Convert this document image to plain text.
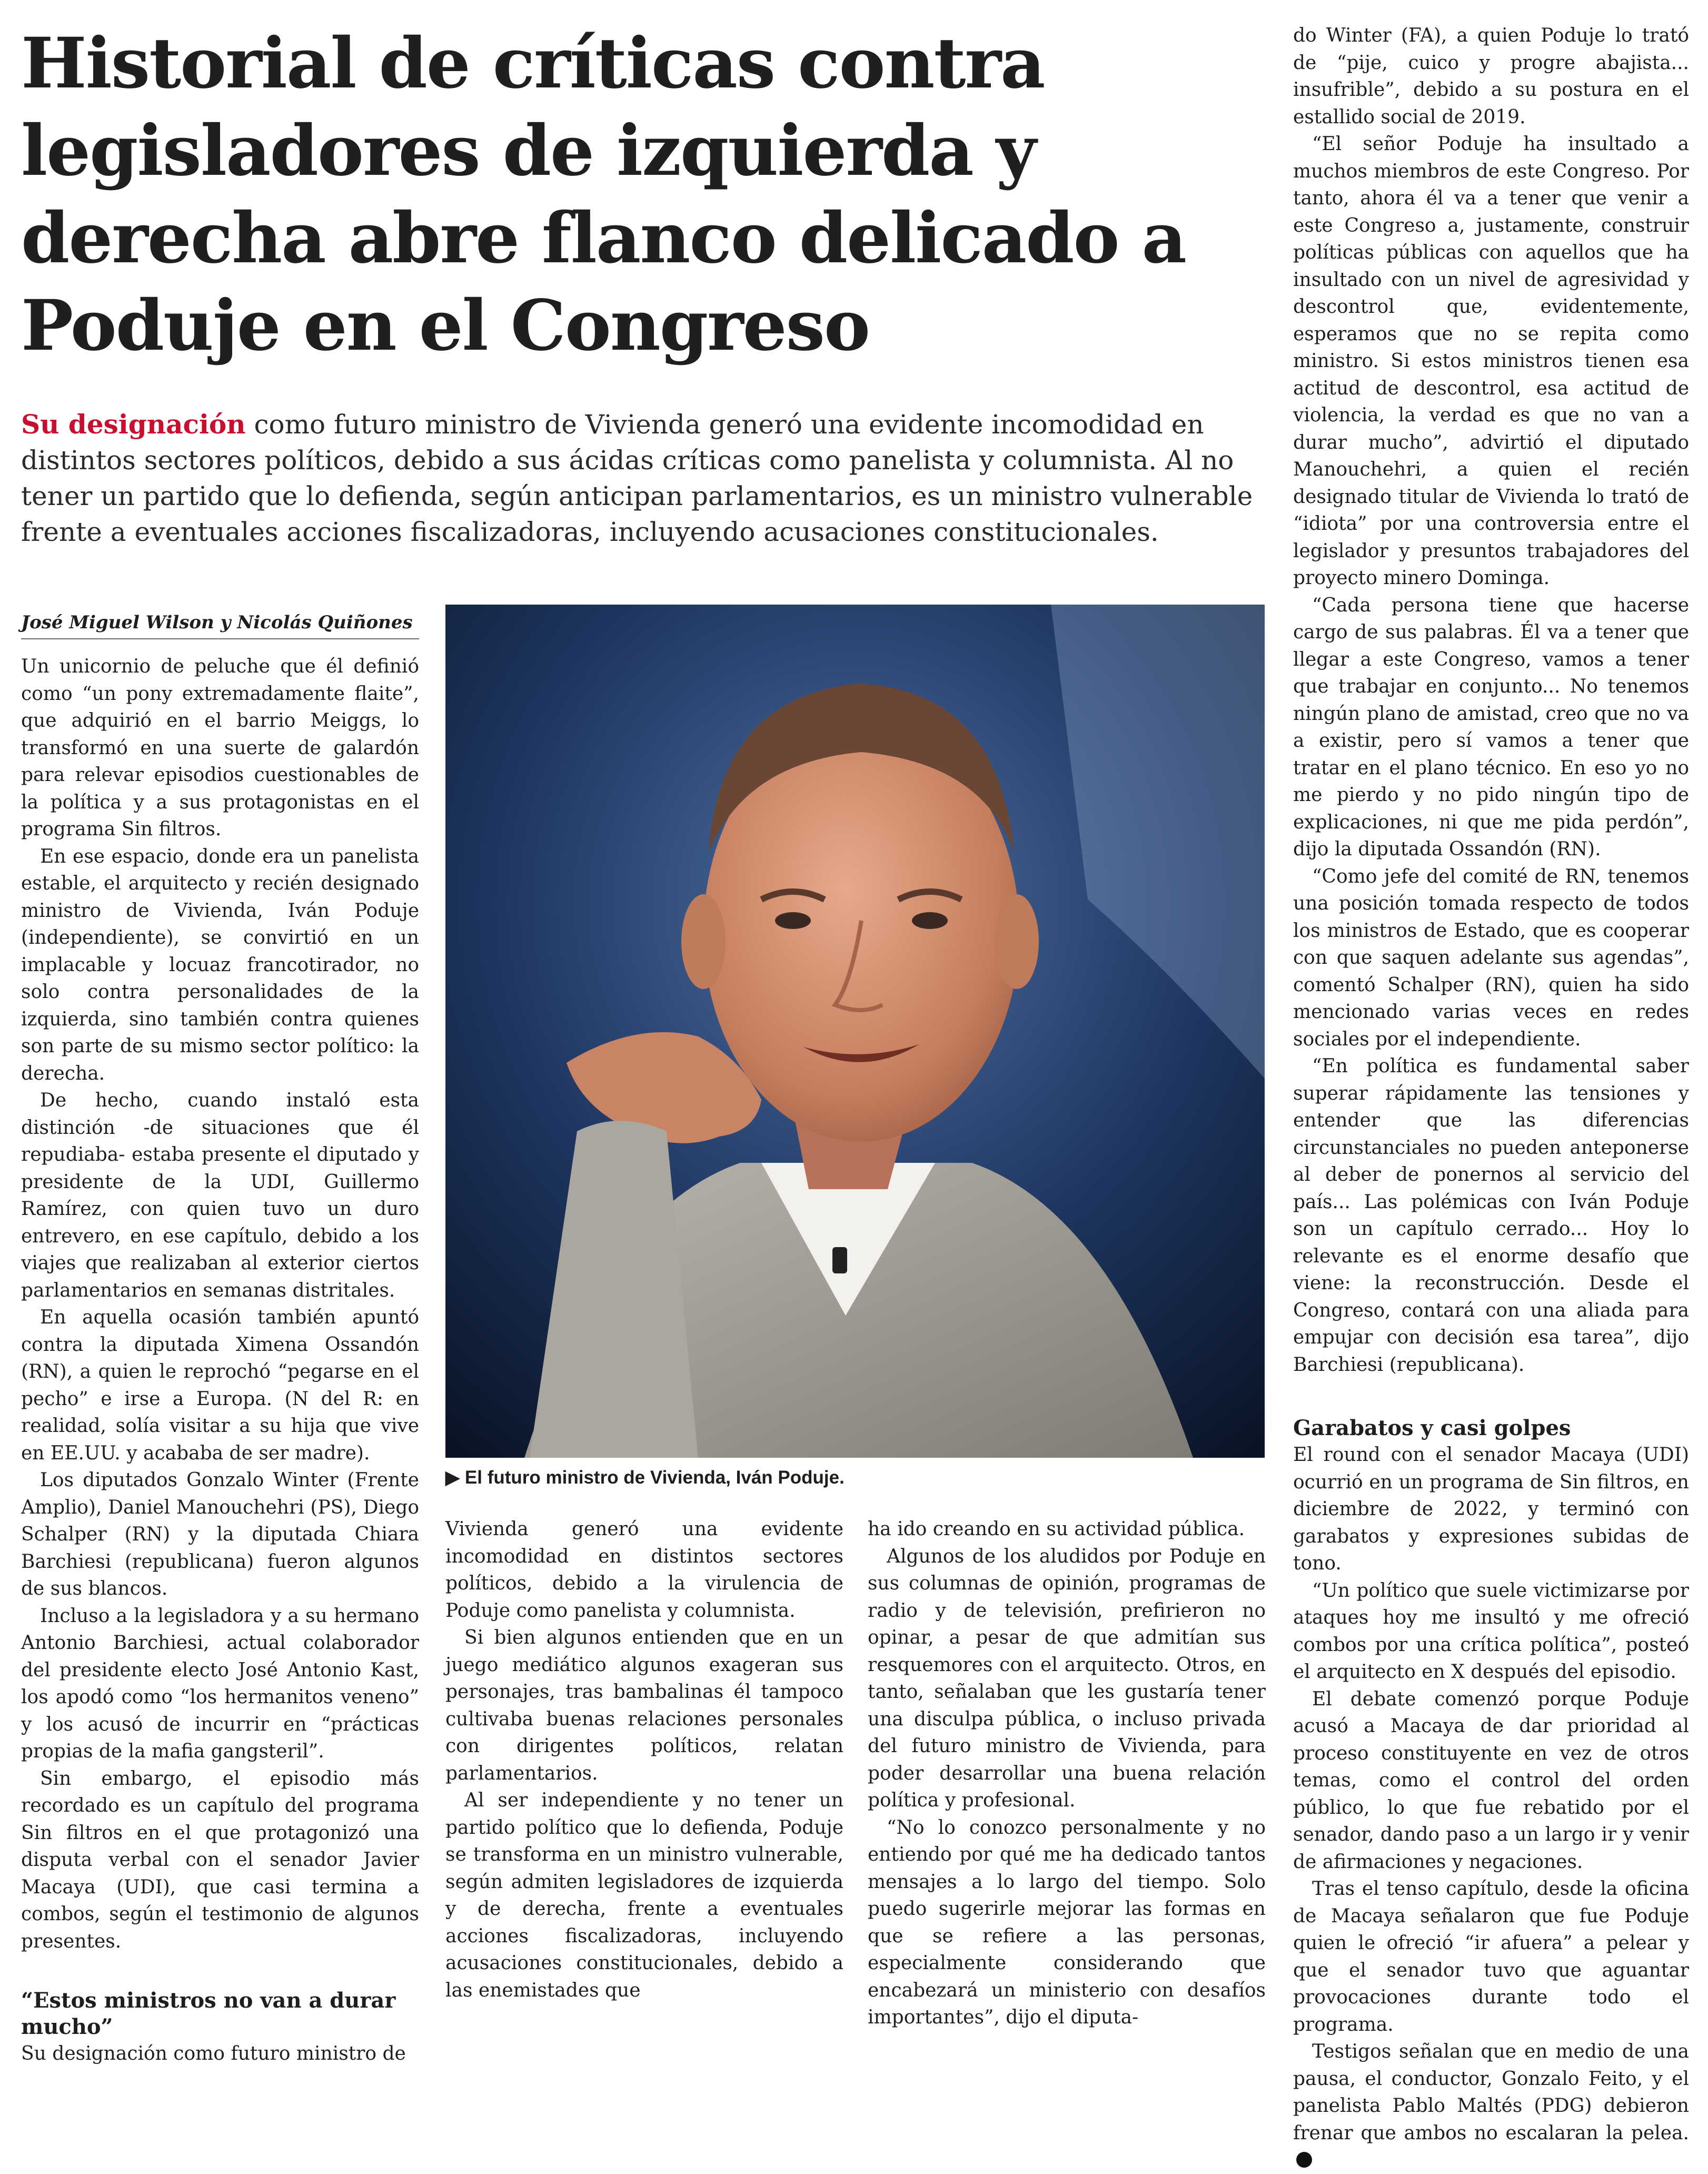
Historial de críticas contra legisladores de izquierda y derecha abre flanco delicado a Poduje en el Congreso

Su designación como futuro ministro de Vivienda generó una evidente incomodidad en distintos sectores políticos, debido a sus ácidas críticas como panelista y columnista. Al no tener un partido que lo defienda, según anticipan parlamentarios, es un ministro vulnerable frente a eventuales acciones fiscalizadoras, incluyendo acusaciones constitucionales.

José Miguel Wilson y Nicolás Quiñones

Un unicornio de peluche que él definió como “un pony extremadamente flaite”, que adquirió en el barrio Meiggs, lo transformó en una suerte de galardón para relevar episodios cuestionables de la política y a sus protagonistas en el programa Sin filtros.

En ese espacio, donde era un panelista estable, el arquitecto y recién designado ministro de Vivienda, Iván Poduje (independiente), se convirtió en un implacable y locuaz francotirador, no solo contra personalidades de la izquierda, sino también contra quienes son parte de su mismo sector político: la derecha.

De hecho, cuando instaló esta distinción -de situaciones que él repudiaba- estaba presente el diputado y presidente de la UDI, Guillermo Ramírez, con quien tuvo un duro entrevero, en ese capítulo, debido a los viajes que realizaban al exterior ciertos parlamentarios en semanas distritales.

En aquella ocasión también apuntó contra la diputada Ximena Ossandón (RN), a quien le reprochó “pegarse en el pecho” e irse a Europa. (N del R: en realidad, solía visitar a su hija que vive en EE.UU. y acababa de ser madre).

Los diputados Gonzalo Winter (Frente Amplio), Daniel Manouchehri (PS), Diego Schalper (RN) y la diputada Chiara Barchiesi (republicana) fueron algunos de sus blancos.

Incluso a la legisladora y a su hermano Antonio Barchiesi, actual colaborador del presidente electo José Antonio Kast, los apodó como “los hermanitos veneno” y los acusó de incurrir en “prácticas propias de la mafia gangsteril”.

Sin embargo, el episodio más recordado es un capítulo del programa Sin filtros en el que protagonizó una disputa verbal con el senador Javier Macaya (UDI), que casi termina a combos, según el testimonio de algunos presentes.

“Estos ministros no van a durar mucho”

Su designación como futuro ministro de

▶ El futuro ministro de Vivienda, Iván Poduje.

Vivienda generó una evidente incomodidad en distintos sectores políticos, debido a la virulencia de Poduje como panelista y columnista.

Si bien algunos entienden que en un juego mediático algunos exageran sus personajes, tras bambalinas él tampoco cultivaba buenas relaciones personales con dirigentes políticos, relatan parlamentarios.

Al ser independiente y no tener un partido político que lo defienda, Poduje se transforma en un ministro vulnerable, según admiten legisladores de izquierda y de derecha, frente a eventuales acciones fiscalizadoras, incluyendo acusaciones constitucionales, debido a las enemistades que

ha ido creando en su actividad pública.

Algunos de los aludidos por Poduje en sus columnas de opinión, programas de radio y de televisión, prefirieron no opinar, a pesar de que admitían sus resquemores con el arquitecto. Otros, en tanto, señalaban que les gustaría tener una disculpa pública, o incluso privada del futuro ministro de Vivienda, para poder desarrollar una buena relación política y profesional.

“No lo conozco personalmente y no entiendo por qué me ha dedicado tantos mensajes a lo largo del tiempo. Solo puedo sugerirle mejorar las formas en que se refiere a las personas, especialmente considerando que encabezará un ministerio con desafíos importantes”, dijo el diputa-

do Winter (FA), a quien Poduje lo trató de “pije, cuico y progre abajista... insufrible”, debido a su postura en el estallido social de 2019.

“El señor Poduje ha insultado a muchos miembros de este Congreso. Por tanto, ahora él va a tener que venir a este Congreso a, justamente, construir políticas públicas con aquellos que ha insultado con un nivel de agresividad y descontrol que, evidentemente, esperamos que no se repita como ministro. Si estos ministros tienen esa actitud de descontrol, esa actitud de violencia, la verdad es que no van a durar mucho”, advirtió el diputado Manouchehri, a quien el recién designado titular de Vivienda lo trató de “idiota” por una controversia entre el legislador y presuntos trabajadores del proyecto minero Dominga.

“Cada persona tiene que hacerse cargo de sus palabras. Él va a tener que llegar a este Congreso, vamos a tener que trabajar en conjunto... No tenemos ningún plano de amistad, creo que no va a existir, pero sí vamos a tener que tratar en el plano técnico. En eso yo no me pierdo y no pido ningún tipo de explicaciones, ni que me pida perdón”, dijo la diputada Ossandón (RN).

“Como jefe del comité de RN, tenemos una posición tomada respecto de todos los ministros de Estado, que es cooperar con que saquen adelante sus agendas”, comentó Schalper (RN), quien ha sido mencionado varias veces en redes sociales por el independiente.

“En política es fundamental saber superar rápidamente las tensiones y entender que las diferencias circunstanciales no pueden anteponerse al deber de ponernos al servicio del país... Las polémicas con Iván Poduje son un capítulo cerrado... Hoy lo relevante es el enorme desafío que viene: la reconstrucción. Desde el Congreso, contará con una aliada para empujar con decisión esa tarea”, dijo Barchiesi (republicana).

Garabatos y casi golpes

El round con el senador Macaya (UDI) ocurrió en un programa de Sin filtros, en diciembre de 2022, y terminó con garabatos y expresiones subidas de tono.

“Un político que suele victimizarse por ataques hoy me insultó y me ofreció combos por una crítica política”, posteó el arquitecto en X después del episodio.

El debate comenzó porque Poduje acusó a Macaya de dar prioridad al proceso constituyente en vez de otros temas, como el control del orden público, lo que fue rebatido por el senador, dando paso a un largo ir y venir de afirmaciones y negaciones.

Tras el tenso capítulo, desde la oficina de Macaya señalaron que fue Poduje quien le ofreció “ir afuera” a pelear y que el senador tuvo que aguantar provocaciones durante todo el programa.

Testigos señalan que en medio de una pausa, el conductor, Gonzalo Feito, y el panelista Pablo Maltés (PDG) debieron frenar que ambos no escalaran la pelea.
